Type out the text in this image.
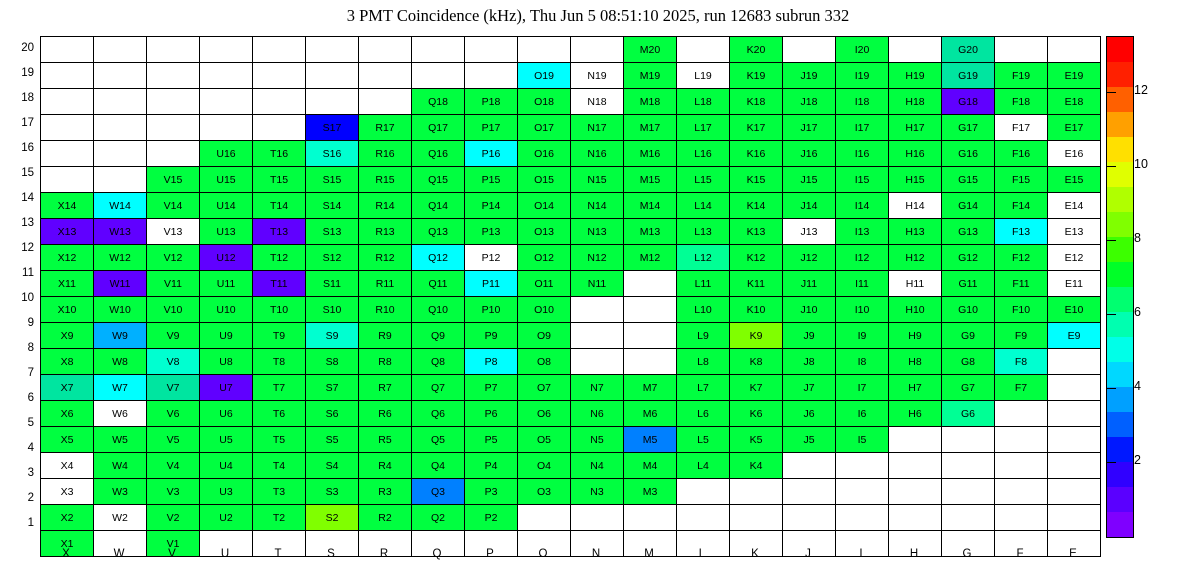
3 PMT Coincidence (kHz), Thu Jun 5 08:51:10 2025, run 12683 subrun 332
											M20		K20		I20		G20		
									O19	N19	M19	L19	K19	J19	I19	H19	G19	F19	E19
							Q18	P18	O18	N18	M18	L18	K18	J18	I18	H18	G18	F18	E18
					S17	R17	Q17	P17	O17	N17	M17	L17	K17	J17	I17	H17	G17	F17	E17
			U16	T16	S16	R16	Q16	P16	O16	N16	M16	L16	K16	J16	I16	H16	G16	F16	E16
		V15	U15	T15	S15	R15	Q15	P15	O15	N15	M15	L15	K15	J15	I15	H15	G15	F15	E15
X14	W14	V14	U14	T14	S14	R14	Q14	P14	O14	N14	M14	L14	K14	J14	I14	H14	G14	F14	E14
X13	W13	V13	U13	T13	S13	R13	Q13	P13	O13	N13	M13	L13	K13	J13	I13	H13	G13	F13	E13
X12	W12	V12	U12	T12	S12	R12	Q12	P12	O12	N12	M12	L12	K12	J12	I12	H12	G12	F12	E12
X11	W11	V11	U11	T11	S11	R11	Q11	P11	O11	N11		L11	K11	J11	I11	H11	G11	F11	E11
X10	W10	V10	U10	T10	S10	R10	Q10	P10	O10			L10	K10	J10	I10	H10	G10	F10	E10
X9	W9	V9	U9	T9	S9	R9	Q9	P9	O9			L9	K9	J9	I9	H9	G9	F9	E9
X8	W8	V8	U8	T8	S8	R8	Q8	P8	O8			L8	K8	J8	I8	H8	G8	F8	
X7	W7	V7	U7	T7	S7	R7	Q7	P7	O7	N7	M7	L7	K7	J7	I7	H7	G7	F7	
X6	W6	V6	U6	T6	S6	R6	Q6	P6	O6	N6	M6	L6	K6	J6	I6	H6	G6		
X5	W5	V5	U5	T5	S5	R5	Q5	P5	O5	N5	M5	L5	K5	J5	I5				
X4	W4	V4	U4	T4	S4	R4	Q4	P4	O4	N4	M4	L4	K4						
X3	W3	V3	U3	T3	S3	R3	Q3	P3	O3	N3	M3								
X2	W2	V2	U2	T2	S2	R2	Q2	P2											
X1		V1																	
1
2
3
4
5
6
7
8
9
10
11
12
13
14
15
16
17
18
19
20
X	W	V	U	T	S	R	Q	P	O	N	M	L	K	J	I	H	G	F	E
2
4
6
8
10
12
